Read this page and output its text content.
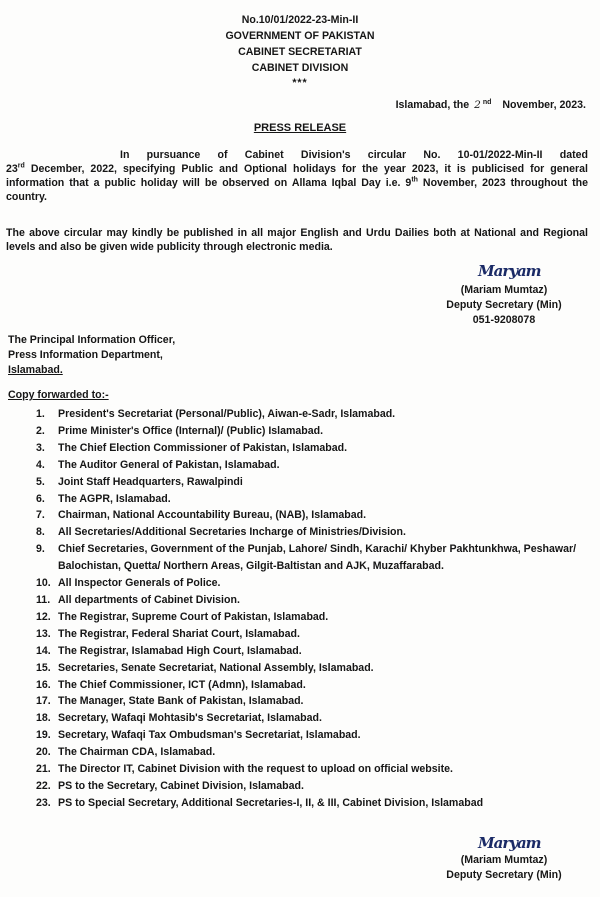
No.10/01/2022-23-Min-II
GOVERNMENT OF PAKISTAN
CABINET SECRETARIAT
CABINET DIVISION
***
Islamabad, the 2 $^{nd}$ November, 2023.
PRESS RELEASE
In pursuance of Cabinet Division's circular No. 10-01/2022-Min-II dated
23rd December, 2022, specifying Public and Optional holidays for the year 2023, it is publicised for general
information that a public holiday will be observed on Allama Iqbal Day i.e. 9th November, 2023 throughout the
country.
The above circular may kindly be published in all major English and Urdu Dailies both at National and Regional
levels and also be given wide publicity through electronic media.
Maryam
(Mariam Mumtaz)
Deputy Secretary (Min)
051-9208078
The Principal Information Officer,
Press Information Department,
Islamabad.
Copy forwarded to:-
1.	President's Secretariat (Personal/Public), Aiwan-e-Sadr, Islamabad.
2.	Prime Minister's Office (Internal)/ (Public) Islamabad.
3.	The Chief Election Commissioner of Pakistan, Islamabad.
4.	The Auditor General of Pakistan, Islamabad.
5.	Joint Staff Headquarters, Rawalpindi
6.	The AGPR, Islamabad.
7.	Chairman, National Accountability Bureau, (NAB), Islamabad.
8.	All Secretaries/Additional Secretaries Incharge of Ministries/Division.
9.	Chief Secretaries, Government of the Punjab, Lahore/ Sindh, Karachi/ Khyber Pakhtunkhwa, Peshawar/ Balochistan, Quetta/ Northern Areas, Gilgit-Baltistan and AJK, Muzaffarabad.
10. All Inspector Generals of Police.
11. All departments of Cabinet Division.
12. The Registrar, Supreme Court of Pakistan, Islamabad.
13. The Registrar, Federal Shariat Court, Islamabad.
14. The Registrar, Islamabad High Court, Islamabad.
15. Secretaries, Senate Secretariat, National Assembly, Islamabad.
16. The Chief Commissioner, ICT (Admn), Islamabad.
17. The Manager, State Bank of Pakistan, Islamabad.
18. Secretary, Wafaqi Mohtasib's Secretariat, Islamabad.
19. Secretary, Wafaqi Tax Ombudsman's Secretariat, Islamabad.
20. The Chairman CDA, Islamabad.
21. The Director IT, Cabinet Division with the request to upload on official website.
22. PS to the Secretary, Cabinet Division, Islamabad.
23. PS to Special Secretary, Additional Secretaries-I, II, & III, Cabinet Division, Islamabad
Maryam
(Mariam Mumtaz)
Deputy Secretary (Min)
